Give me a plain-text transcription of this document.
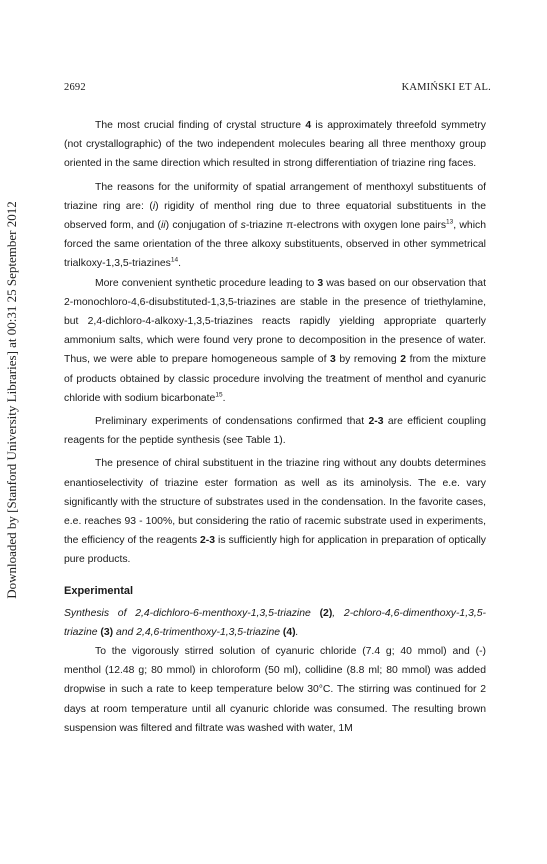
2692	KAMIŃSKI ET AL.
Downloaded by [Stanford University Libraries] at 00:31 25 September 2012

The most crucial finding of crystal structure 4 is approximately threefold symmetry (not crystallographic) of the two independent molecules bearing all three menthoxy group oriented in the same direction which resulted in strong differentiation of triazine ring faces.

The reasons for the uniformity of spatial arrangement of menthoxyl substituents of triazine ring are: (i) rigidity of menthol ring due to three equatorial substituents in the observed form, and (ii) conjugation of s-triazine π-electrons with oxygen lone pairs$^{13}$, which forced the same orientation of the three alkoxy substituents, observed in other symmetrical trialkoxy-1,3,5-triazines$^{14}$.

More convenient synthetic procedure leading to 3 was based on our observation that 2-monochloro-4,6-disubstituted-1,3,5-triazines are stable in the presence of triethylamine, but 2,4-dichloro-4-alkoxy-1,3,5-triazines reacts rapidly yielding appropriate quarterly ammonium salts, which were found very prone to decomposition in the presence of water. Thus, we were able to prepare homogeneous sample of 3 by removing 2 from the mixture of products obtained by classic procedure involving the treatment of menthol and cyanuric chloride with sodium bicarbonate$^{15}$.

Preliminary experiments of condensations confirmed that 2-3 are efficient coupling reagents for the peptide synthesis (see Table 1).

The presence of chiral substituent in the triazine ring without any doubts determines enantioselectivity of triazine ester formation as well as its aminolysis. The e.e. vary significantly with the structure of substrates used in the condensation. In the favorite cases, e.e. reaches 93 - 100%, but considering the ratio of racemic substrate used in experiments, the efficiency of the reagents 2-3 is sufficiently high for application in preparation of optically pure products.

Experimental

Synthesis of 2,4-dichloro-6-menthoxy-1,3,5-triazine (2), 2-chloro-4,6-dimenthoxy-1,3,5-triazine (3) and 2,4,6-trimenthoxy-1,3,5-triazine (4).

To the vigorously stirred solution of cyanuric chloride (7.4 g; 40 mmol) and (-) menthol (12.48 g; 80 mmol) in chloroform (50 ml), collidine (8.8 ml; 80 mmol) was added dropwise in such a rate to keep temperature below 30°C. The stirring was continued for 2 days at room temperature until all cyanuric chloride was consumed. The resulting brown suspension was filtered and filtrate was washed with water, 1M
